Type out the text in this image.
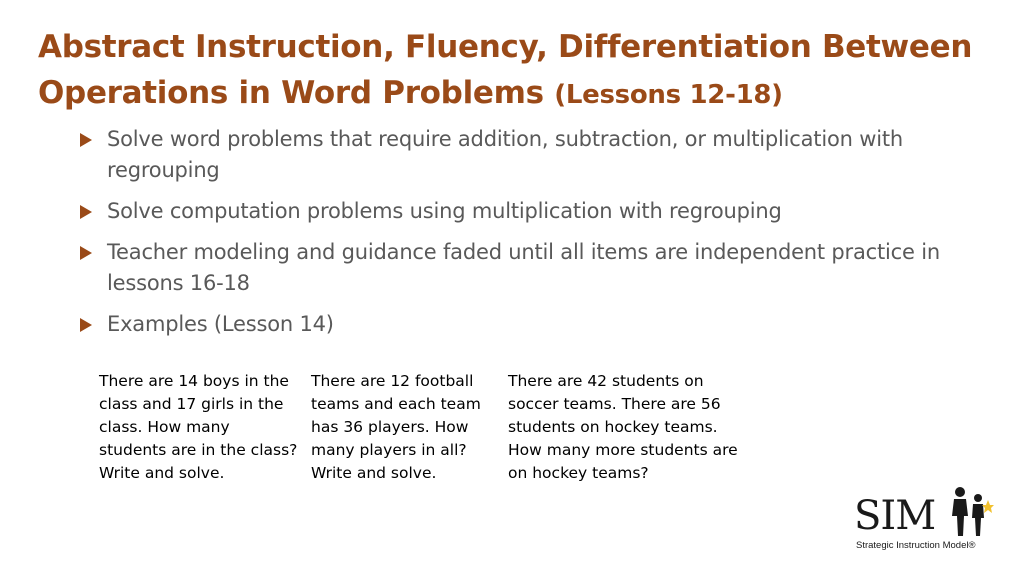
Abstract Instruction, Fluency, Differentiation Between Operations in Word Problems (Lessons 12-18)
Solve word problems that require addition, subtraction, or multiplication with regrouping
Solve computation problems using multiplication with regrouping
Teacher modeling and guidance faded until all items are independent practice in lessons 16-18
Examples (Lesson 14)
There are 14 boys in the class and 17 girls in the class. How many students are in the class?
Write and solve.
There are 12 football teams and each team has 36 players. How many players in all? Write and solve.
There are 42 students on soccer teams. There are 56 students on hockey teams. How many more students are on hockey teams?
SIM
Strategic Instruction Model®
